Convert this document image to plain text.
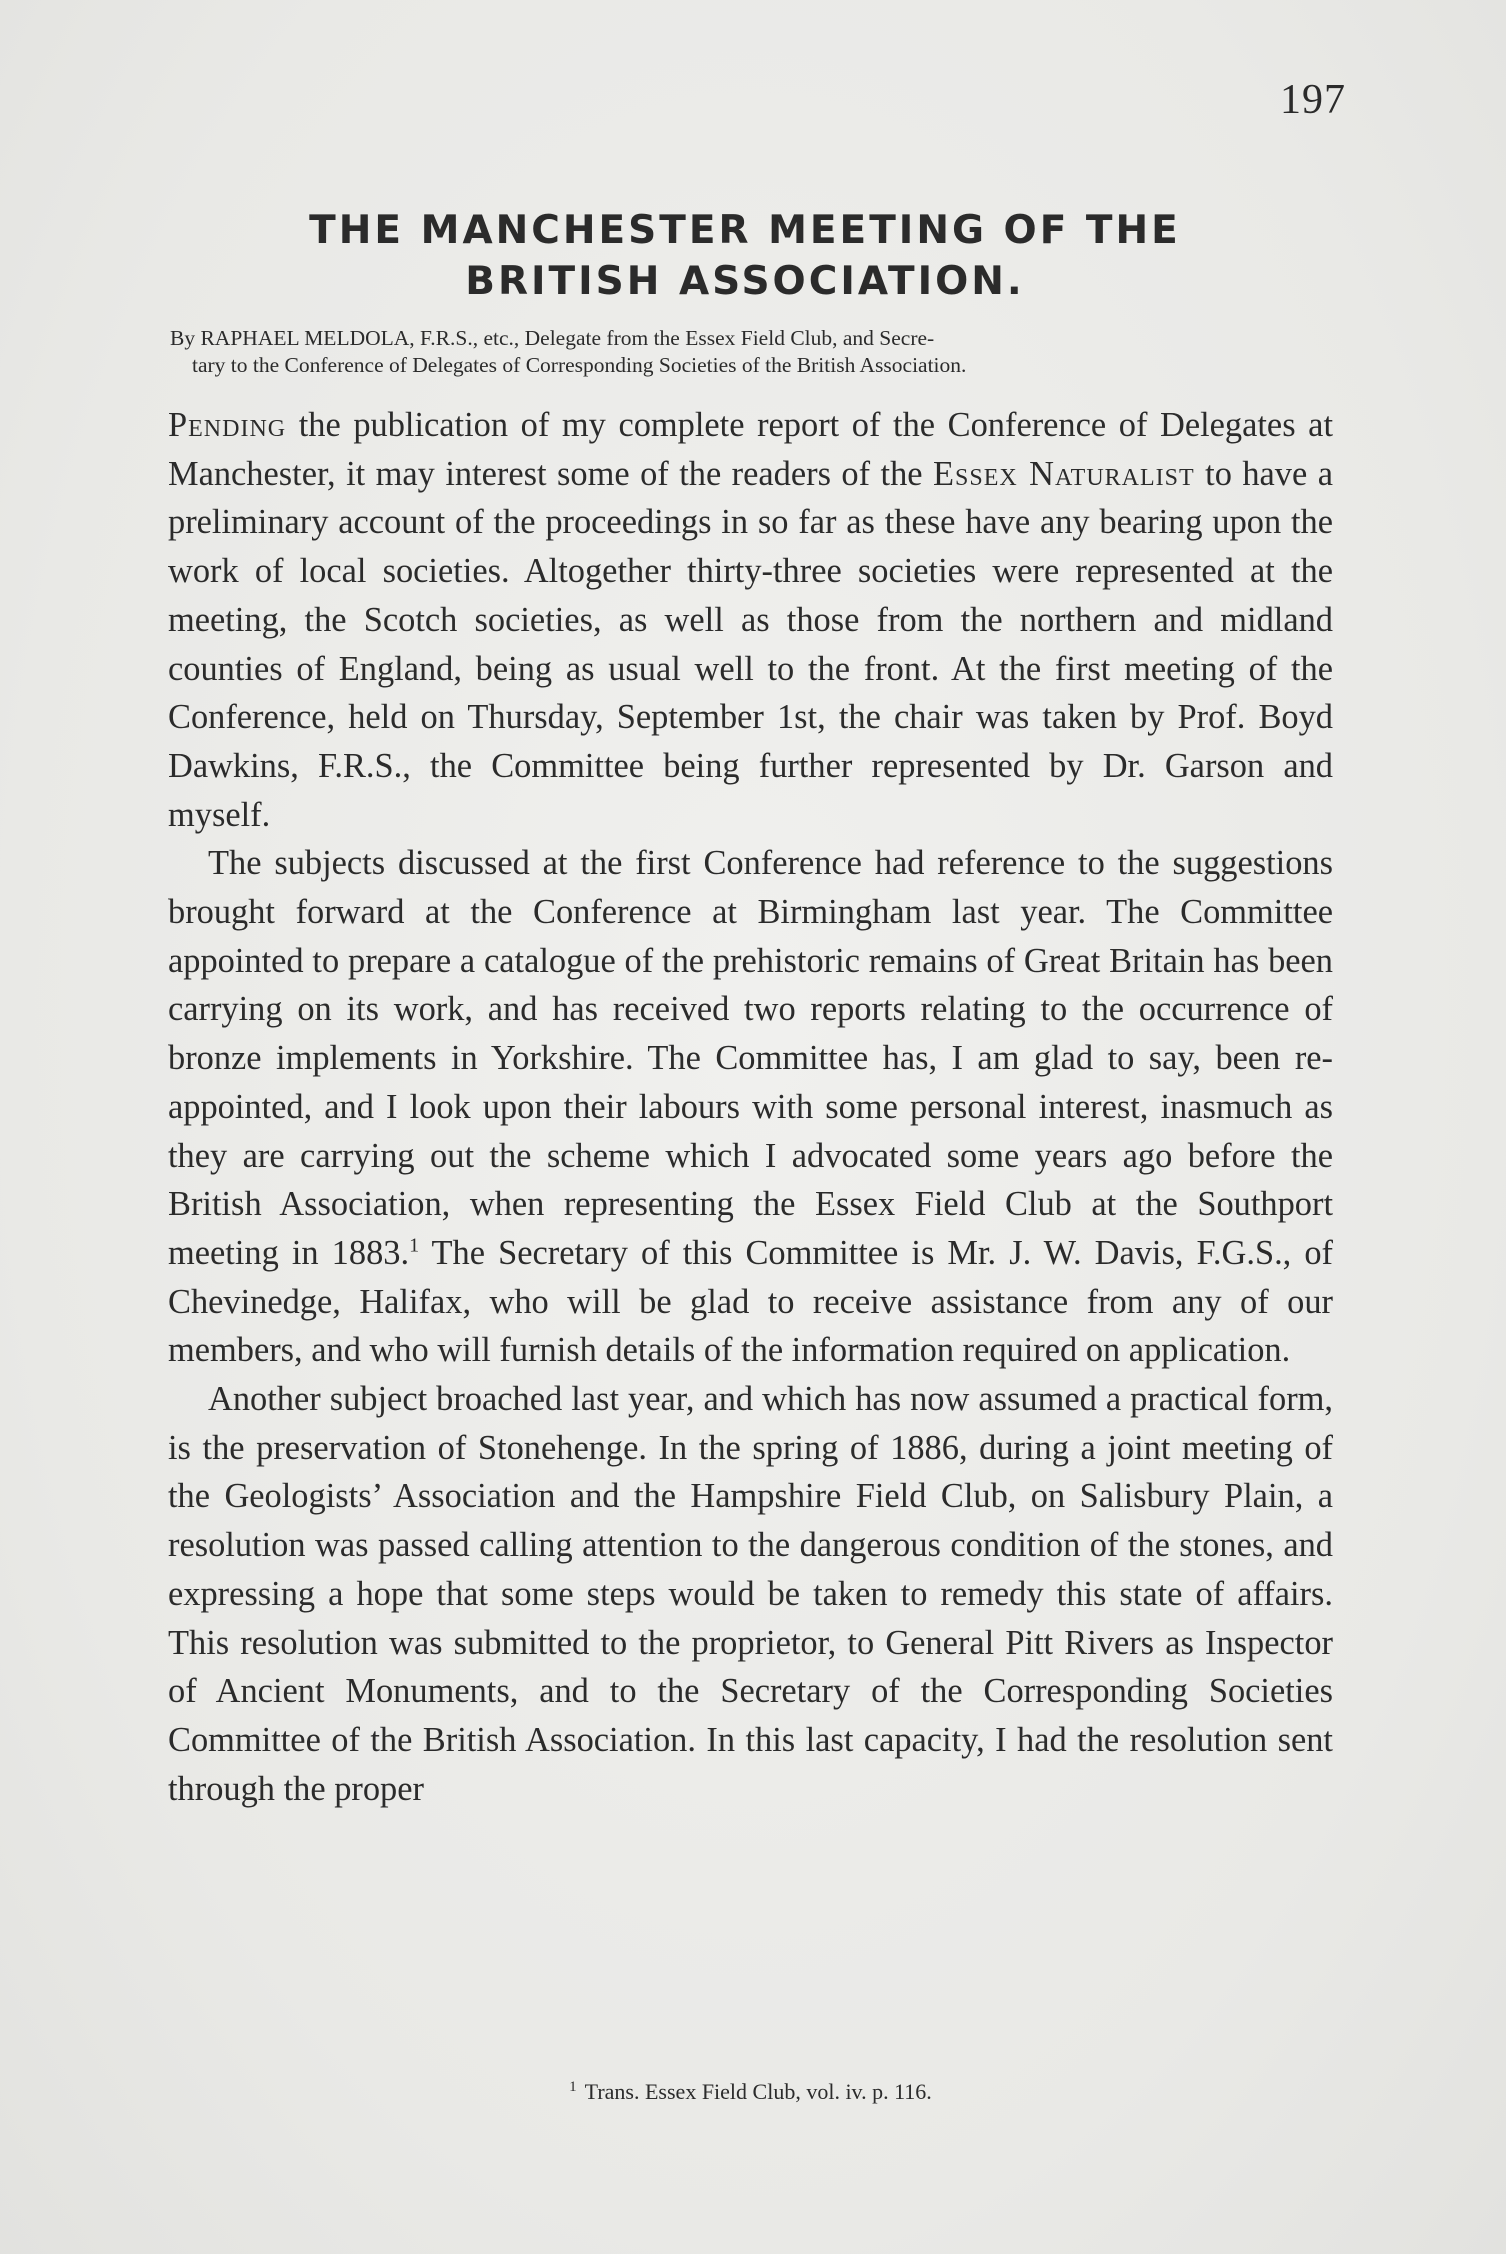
197
THE MANCHESTER MEETING OF THE
BRITISH ASSOCIATION.
By RAPHAEL MELDOLA, F.R.S., etc., Delegate from the Essex Field Club, and Secre-
tary to the Conference of Delegates of Corresponding Societies of the British Association.

Pending the publication of my complete report of the Conference of Delegates at Manchester, it may interest some of the readers of the Essex Naturalist to have a preliminary account of the proceedings in so far as these have any bearing upon the work of local societies. Altogether thirty-three societies were represented at the meeting, the Scotch societies, as well as those from the northern and midland counties of England, being as usual well to the front. At the first meeting of the Conference, held on Thursday, September 1st, the chair was taken by Prof. Boyd Dawkins, F.R.S., the Committee being further represented by Dr. Garson and myself.

The subjects discussed at the first Conference had reference to the suggestions brought forward at the Conference at Birmingham last year. The Committee appointed to prepare a catalogue of the prehistoric remains of Great Britain has been carrying on its work, and has received two reports relating to the occurrence of bronze implements in Yorkshire. The Committee has, I am glad to say, been re-appointed, and I look upon their labours with some personal interest, inasmuch as they are carrying out the scheme which I advocated some years ago before the British Association, when representing the Essex Field Club at the Southport meeting in 1883.$^1$ The Secretary of this Committee is Mr. J. W. Davis, F.G.S., of Chevinedge, Halifax, who will be glad to receive assistance from any of our members, and who will furnish details of the information required on application.

Another subject broached last year, and which has now assumed a practical form, is the preservation of Stonehenge. In the spring of 1886, during a joint meeting of the Geologists’ Association and the Hampshire Field Club, on Salisbury Plain, a resolution was passed calling attention to the dangerous condition of the stones, and expressing a hope that some steps would be taken to remedy this state of affairs. This resolution was submitted to the proprietor, to General Pitt Rivers as Inspector of Ancient Monuments, and to the Secretary of the Corresponding Societies Committee of the British Association. In this last capacity, I had the resolution sent through the proper

$^1$ Trans. Essex Field Club, vol. iv. p. 116.
